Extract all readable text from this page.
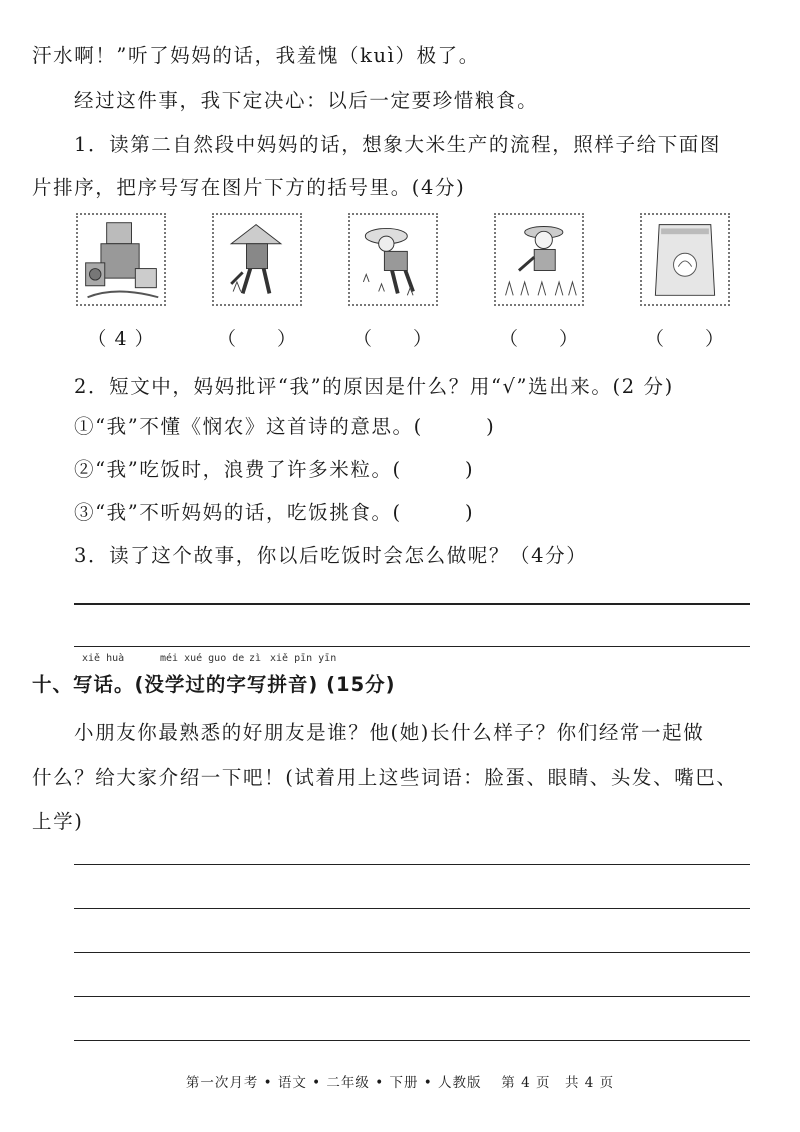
汗水啊！”听了妈妈的话，我羞愧（kuì）极了。
经过这件事，我下定决心：以后一定要珍惜粮食。
1．读第二自然段中妈妈的话，想象大米生产的流程，照样子给下面图
片排序，把序号写在图片下方的括号里。(4分)
（ 4 ）	（　　）	（　　）	（　　）	（　　）
2．短文中，妈妈批评“我”的原因是什么？用“√”选出来。(2 分)
①“我”不懂《悯农》这首诗的意思。(　　　)
②“我”吃饭时，浪费了许多米粒。(　　　)
③“我”不听妈妈的话，吃饭挑食。(　　　)
3．读了这个故事，你以后吃饭时会怎么做呢？（4分）
xiě huà	méi xué guo de zì xiě pīn yīn
十、写话。(没学过的字写拼音) (15分)
小朋友你最熟悉的好朋友是谁？他(她)长什么样子？你们经常一起做
什么？给大家介绍一下吧！(试着用上这些词语：脸蛋、眼睛、头发、嘴巴、
上学)
第一次月考 • 语文 • 二年级 • 下册 • 人教版　 第 4 页　共 4 页
